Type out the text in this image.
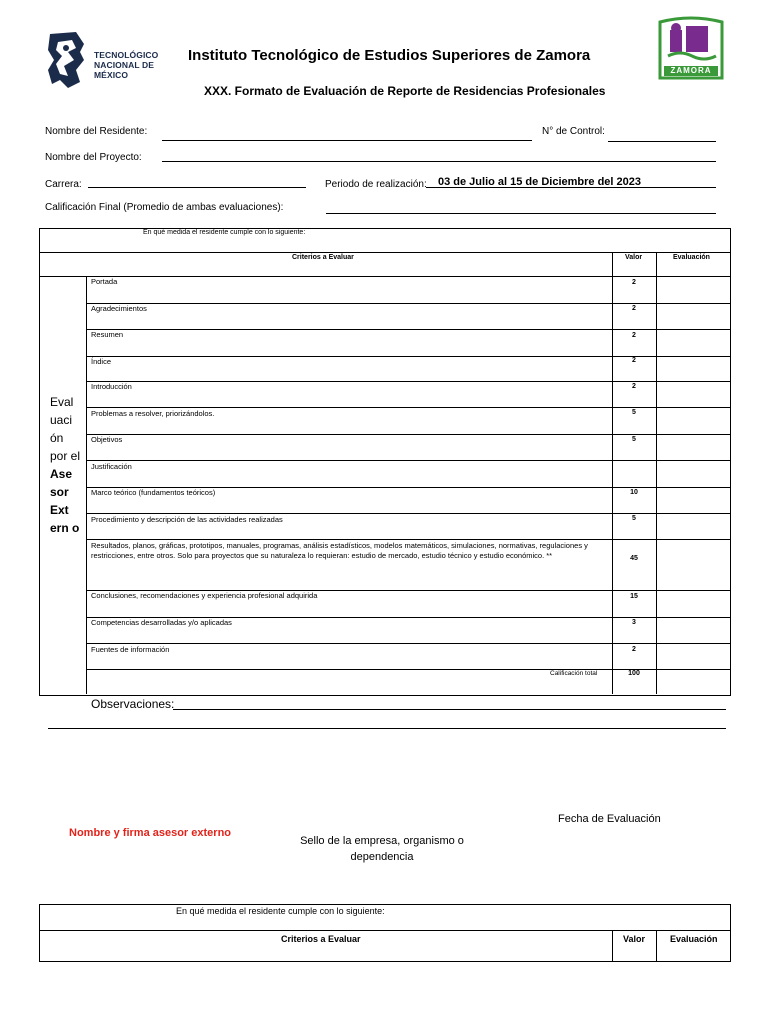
TECNOLÓGICO
NACIONAL DE MÉXICO
Instituto Tecnológico de Estudios Superiores de Zamora
XXX. Formato de Evaluación de Reporte de Residencias Profesionales
ZAMORA
Nombre del Residente:	N° de Control:
Nombre del Proyecto:
Carrera:	Periodo de realización: 03 de Julio al 15 de Diciembre del 2023
Calificación Final (Promedio de ambas evaluaciones):
En qué medida el residente cumple con lo siguiente:
Criterios a Evaluar	Valor	Evaluación
Eval uaci ón por el Ase sor Ext ern o
Portada	2
Agradecimientos	2
Resumen	2
Índice	2
Introducción	2
Problemas a resolver, priorizándolos.	5
Objetivos	5
Justificación
Marco teórico (fundamentos teóricos)	10
Procedimiento y descripción de las actividades realizadas	5
Resultados, planos, gráficas, prototipos, manuales, programas, análisis estadísticos, modelos matemáticos, simulaciones, normativas, regulaciones y restricciones, entre otros. Solo para proyectos que su naturaleza lo requieran: estudio de mercado, estudio técnico y estudio económico. **	45
Conclusiones, recomendaciones y experiencia profesional adquirida	15
Competencias desarrolladas y/o aplicadas	3
Fuentes de información	2
Calificación total	100
Observaciones:
Nombre y firma asesor externo
Sello de la empresa, organismo o dependencia
Fecha de Evaluación
En qué medida el residente cumple con lo siguiente:
Criterios a Evaluar	Valor	Evaluación
